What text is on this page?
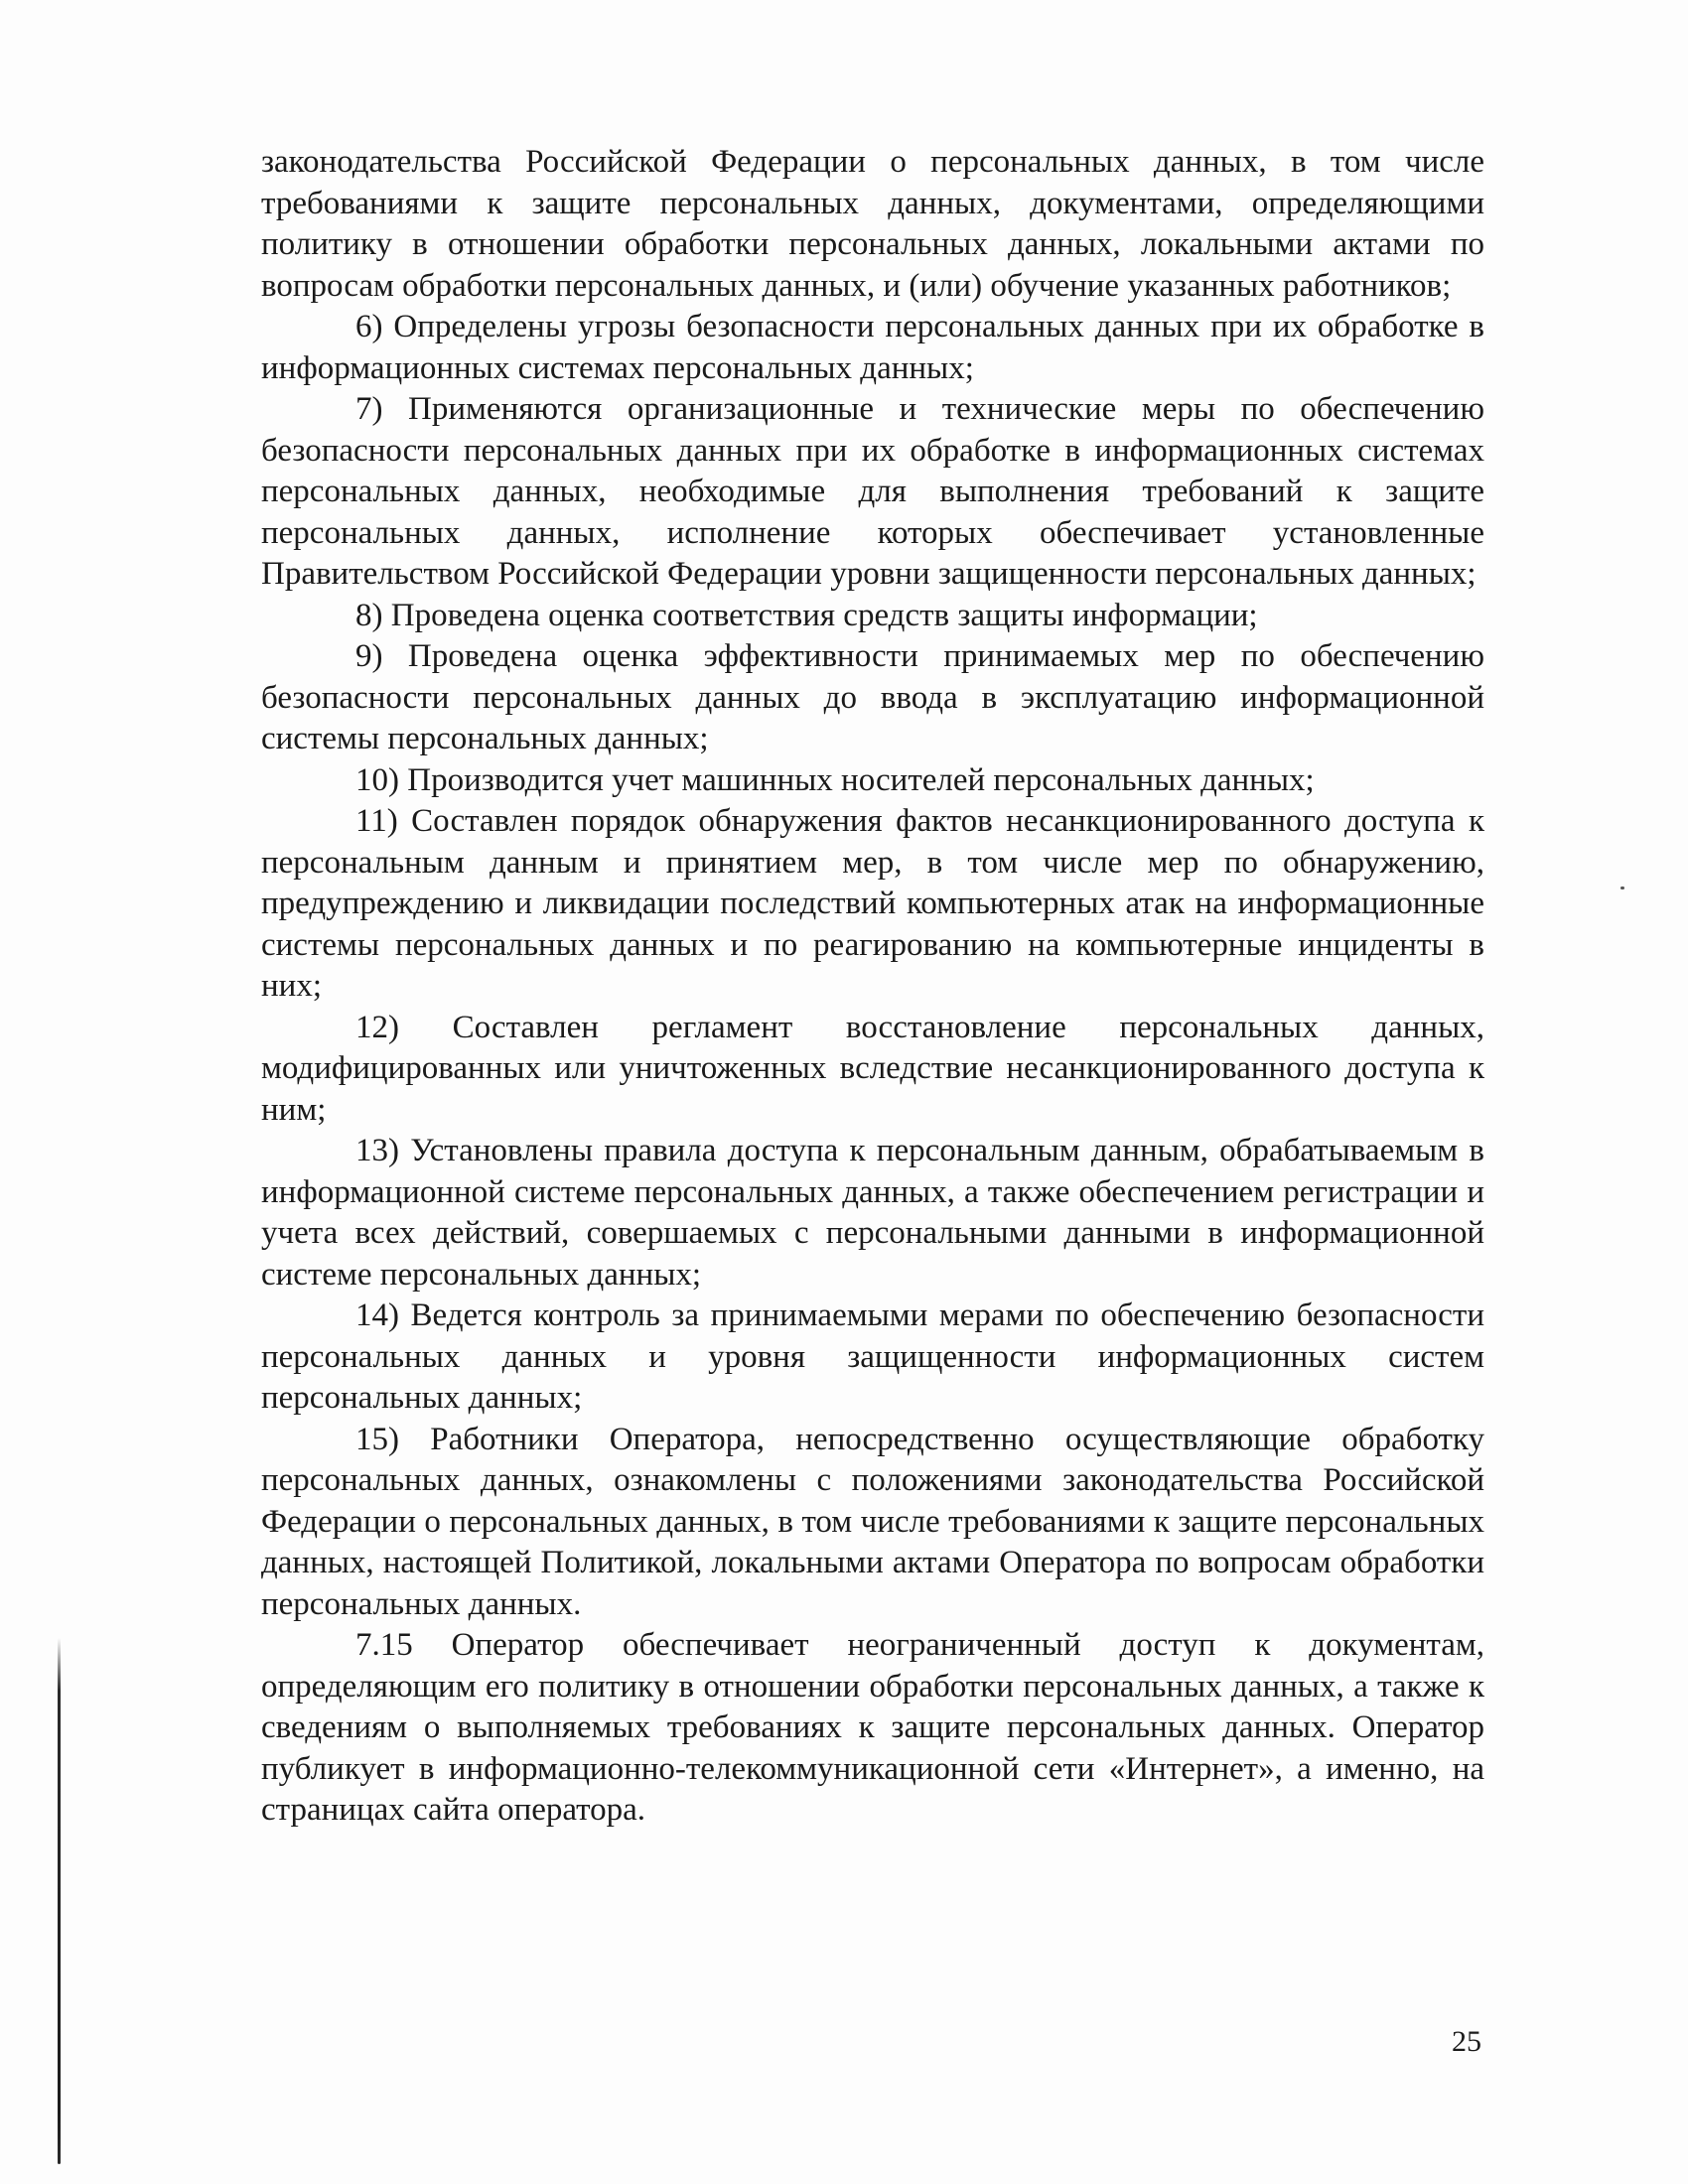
законодательства Российской Федерации о персональных данных, в том числе требованиями к защите персональных данных, документами, определяющими политику в отношении обработки персональных данных, локальными актами по вопросам обработки персональных данных, и (или) обучение указанных работников;

6) Определены угрозы безопасности персональных данных при их обработке в информационных системах персональных данных;

7) Применяются организационные и технические меры по обеспечению безопасности персональных данных при их обработке в информационных системах персональных данных, необходимые для выполнения требований к защите персональных данных, исполнение которых обеспечивает установленные Правительством Российской Федерации уровни защищенности персональных данных;

8) Проведена оценка соответствия средств защиты информации;

9) Проведена оценка эффективности принимаемых мер по обеспечению безопасности персональных данных до ввода в эксплуатацию информационной системы персональных данных;

10) Производится учет машинных носителей персональных данных;

11) Составлен порядок обнаружения фактов несанкционированного доступа к персональным данным и принятием мер, в том числе мер по обнаружению, предупреждению и ликвидации последствий компьютерных атак на информационные системы персональных данных и по реагированию на компьютерные инциденты в них;

12) Составлен регламент восстановление персональных данных, модифицированных или уничтоженных вследствие несанкционированного доступа к ним;

13) Установлены правила доступа к персональным данным, обрабатываемым в информационной системе персональных данных, а также обеспечением регистрации и учета всех действий, совершаемых с персональными данными в информационной системе персональных данных;

14) Ведется контроль за принимаемыми мерами по обеспечению безопасности персональных данных и уровня защищенности информационных систем персональных данных;

15) Работники Оператора, непосредственно осуществляющие обработку персональных данных, ознакомлены с положениями законодательства Российской Федерации о персональных данных, в том числе требованиями к защите персональных данных, настоящей Политикой, локальными актами Оператора по вопросам обработки персональных данных.

7.15 Оператор обеспечивает неограниченный доступ к документам, определяющим его политику в отношении обработки персональных данных, а также к сведениям о выполняемых требованиях к защите персональных данных. Оператор публикует в информационно-телекоммуникационной сети «Интернет», а именно, на страницах сайта оператора.

25
